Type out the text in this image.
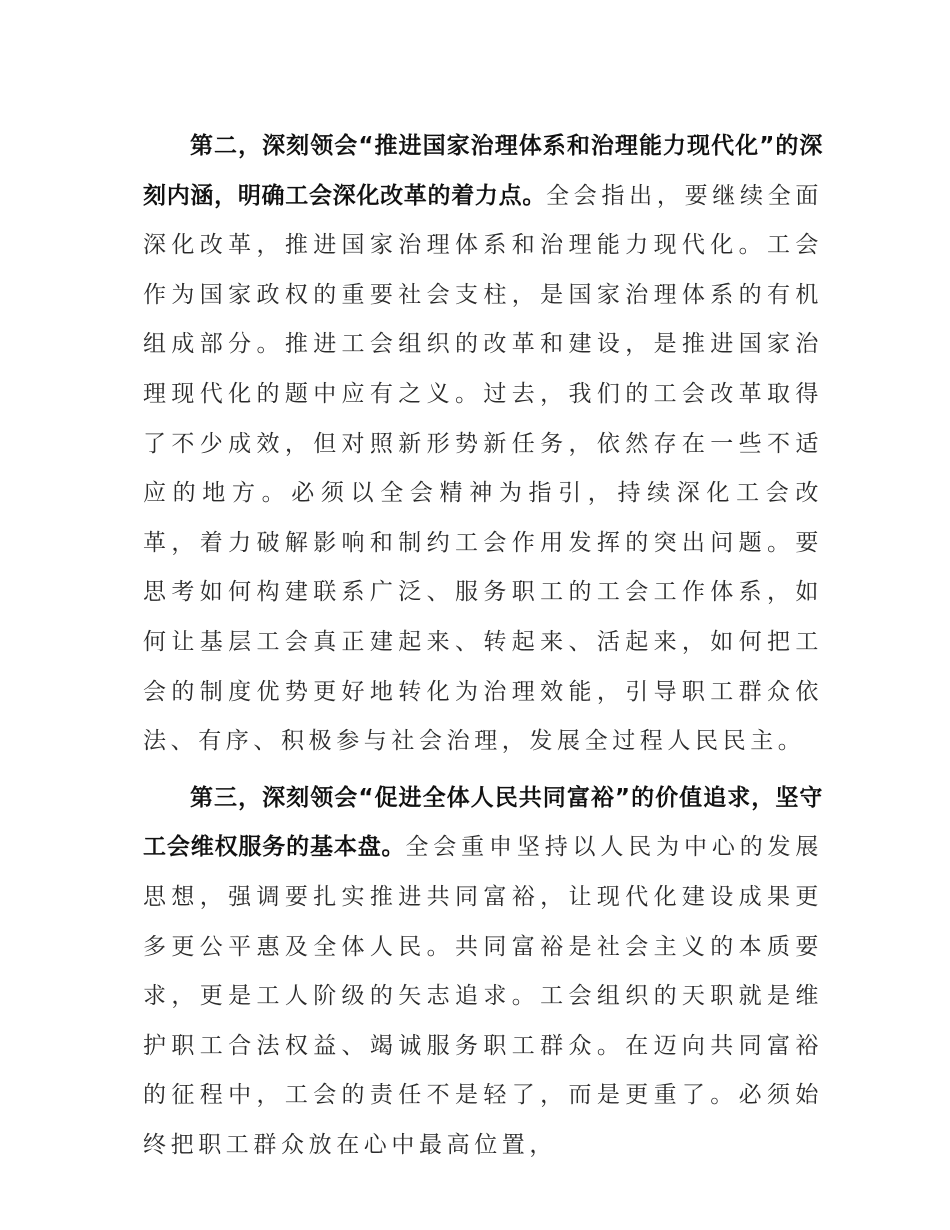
第二，深刻领会“推进国家治理体系和治理能力现代化”的深刻内涵，明确工会深化改革的着力点。全会指出，要继续全面深化改革，推进国家治理体系和治理能力现代化。工会作为国家政权的重要社会支柱，是国家治理体系的有机组成部分。推进工会组织的改革和建设，是推进国家治理现代化的题中应有之义。过去，我们的工会改革取得了不少成效，但对照新形势新任务，依然存在一些不适应的地方。必须以全会精神为指引，持续深化工会改革，着力破解影响和制约工会作用发挥的突出问题。要思考如何构建联系广泛、服务职工的工会工作体系，如何让基层工会真正建起来、转起来、活起来，如何把工会的制度优势更好地转化为治理效能，引导职工群众依法、有序、积极参与社会治理，发展全过程人民民主。

第三，深刻领会“促进全体人民共同富裕”的价值追求，坚守工会维权服务的基本盘。全会重申坚持以人民为中心的发展思想，强调要扎实推进共同富裕，让现代化建设成果更多更公平惠及全体人民。共同富裕是社会主义的本质要求，更是工人阶级的矢志追求。工会组织的天职就是维护职工合法权益、竭诚服务职工群众。在迈向共同富裕的征程中，工会的责任不是轻了，而是更重了。必须始终把职工群众放在心中最高位置，
